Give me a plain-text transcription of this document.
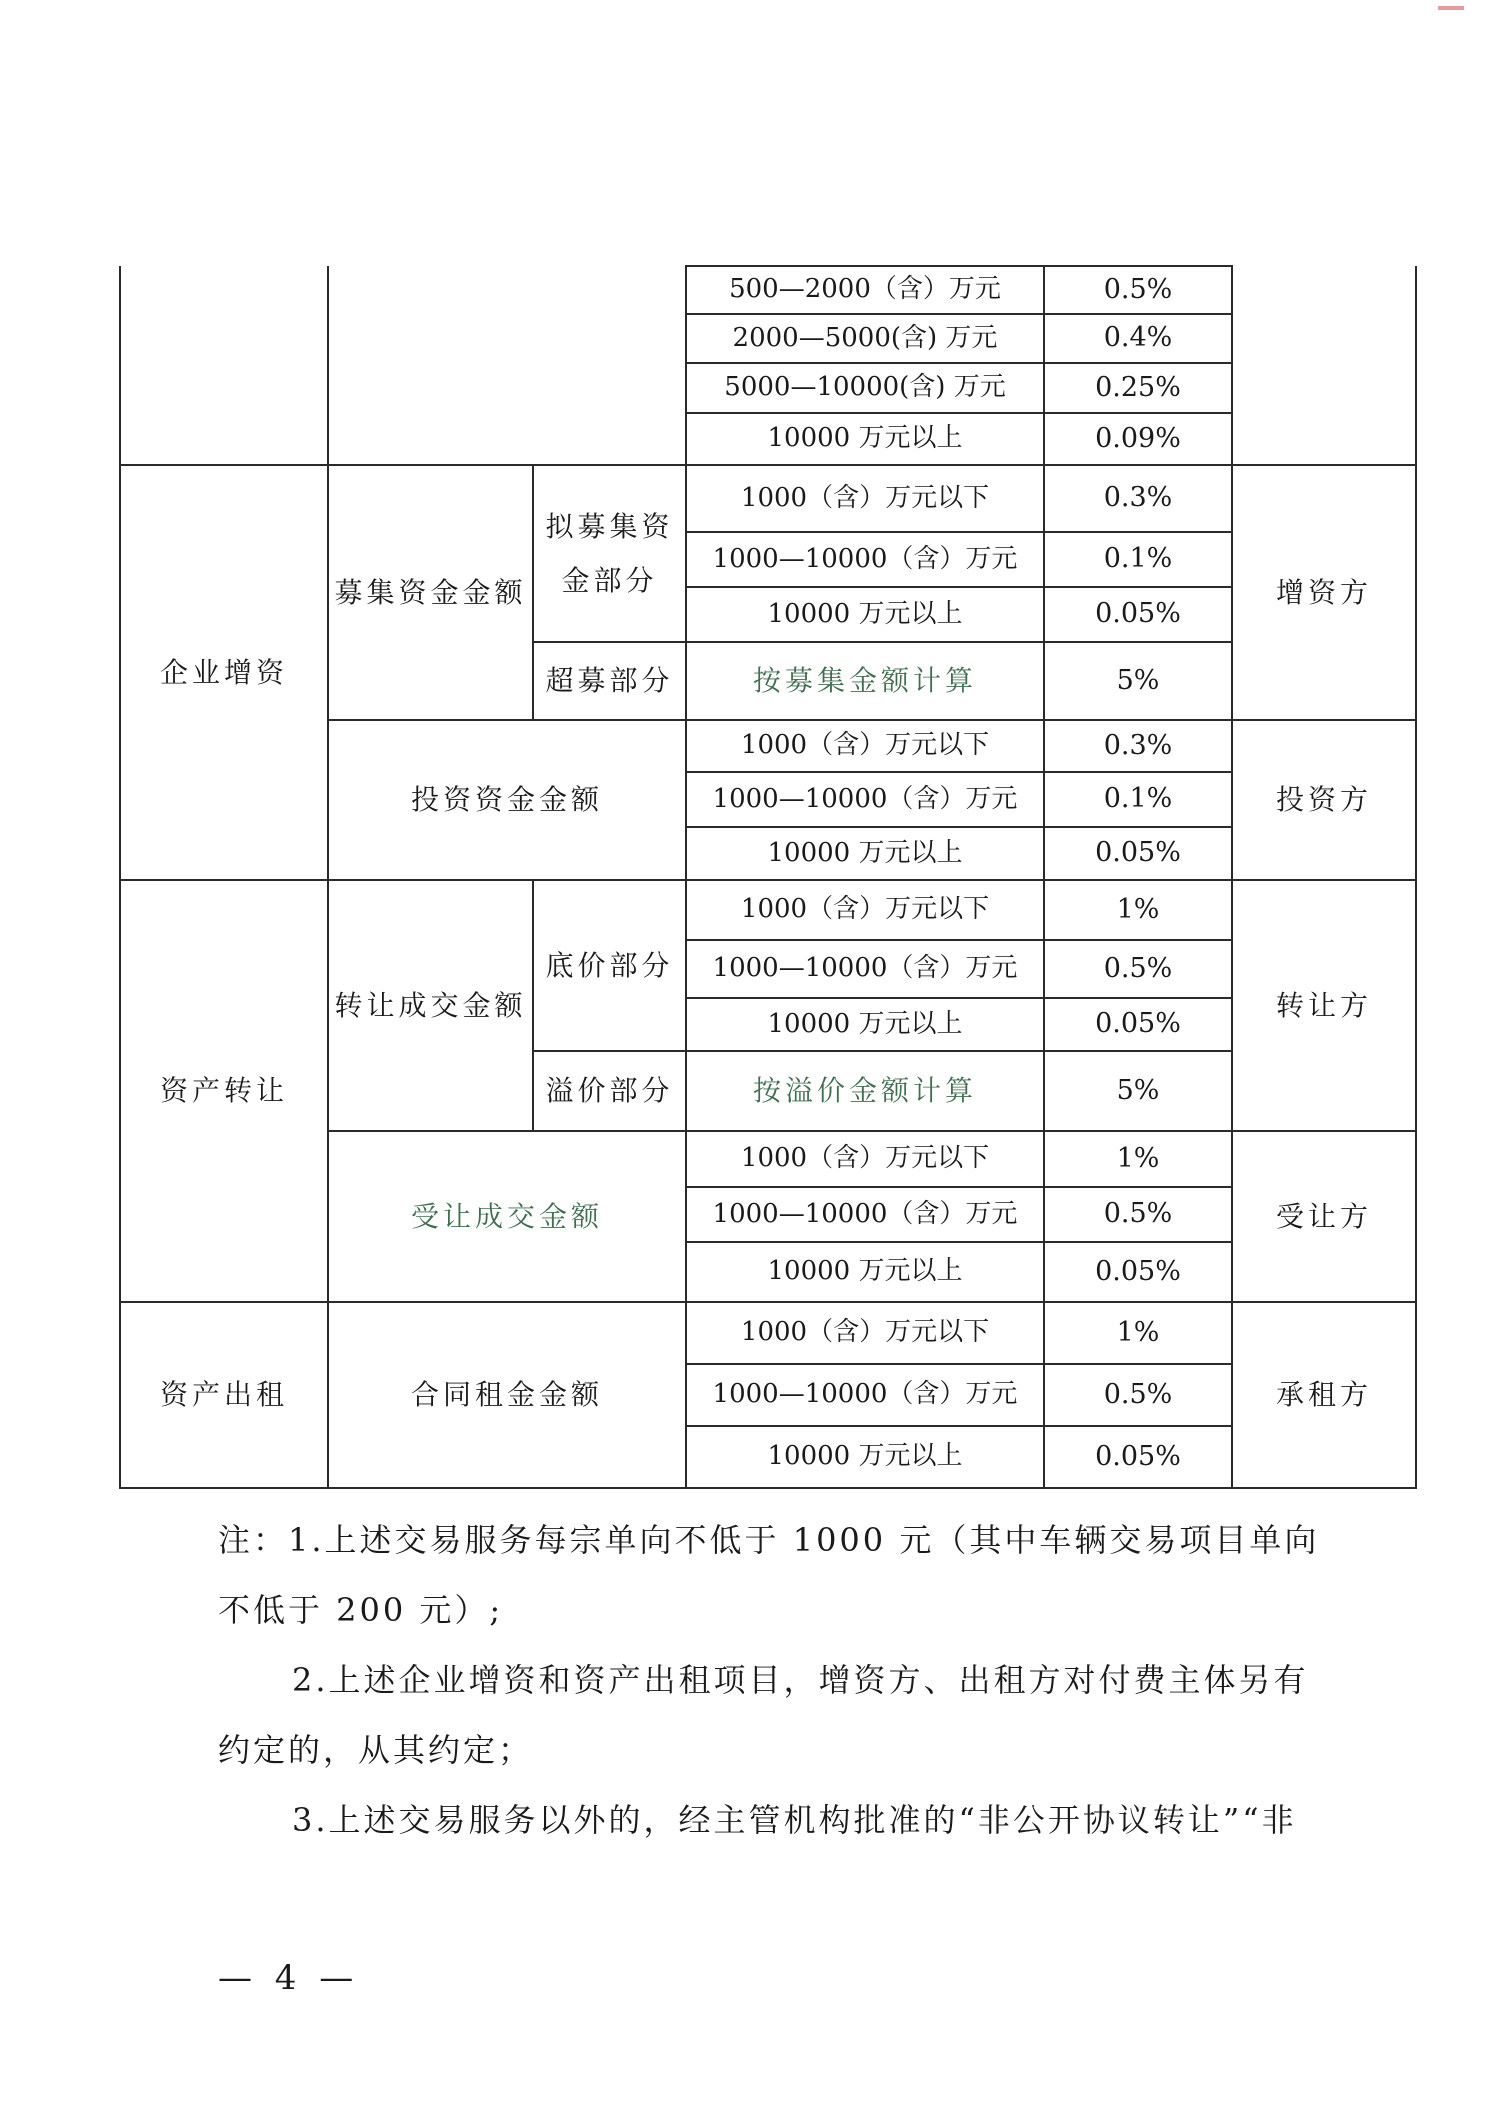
			500—2000（含）万元	0.5%	
			2000—5000(含) 万元	0.4%	
			5000—10000(含) 万元	0.25%	
			10000 万元以上	0.09%	
企业增资	募集资金金额	拟募集资金部分	1000（含）万元以下	0.3%	增资方
			1000—10000（含）万元	0.1%	
			10000 万元以上	0.05%	
		超募部分	按募集金额计算	5%	
	投资资金金额		1000（含）万元以下	0.3%	投资方
			1000—10000（含）万元	0.1%	
			10000 万元以上	0.05%	
资产转让	转让成交金额	底价部分	1000（含）万元以下	1%	转让方
			1000—10000（含）万元	0.5%	
			10000 万元以上	0.05%	
		溢价部分	按溢价金额计算	5%	
	受让成交金额		1000（含）万元以下	1%	受让方
			1000—10000（含）万元	0.5%	
			10000 万元以上	0.05%	
资产出租	合同租金金额		1000（含）万元以下	1%	承租方
			1000—10000（含）万元	0.5%	
			10000 万元以上	0.05%	

注：1.上述交易服务每宗单向不低于 1000 元（其中车辆交易项目单向不低于 200 元）;

2.上述企业增资和资产出租项目，增资方、出租方对付费主体另有约定的，从其约定；

3.上述交易服务以外的，经主管机构批准的“非公开协议转让”“非

— 4 —
